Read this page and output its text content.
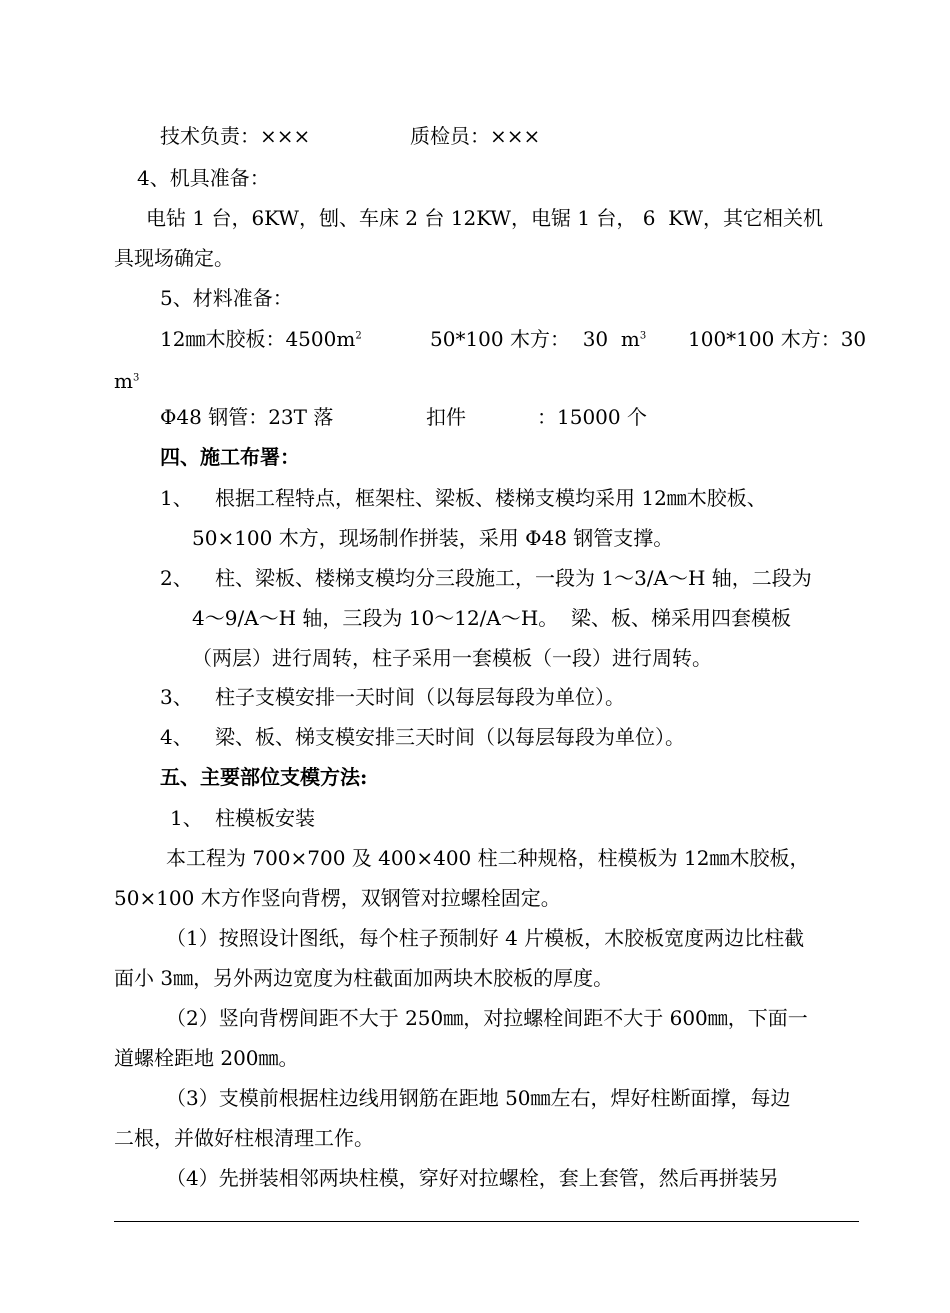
技术负责：×××	质检员：×××
4、机具准备：
电钻 1 台，6KW，刨、车床 2 台 12KW，电锯 1 台， 6  KW，其它相关机
具现场确定。
5、材料准备：
12㎜木胶板：$4500m^2$	50*100 木方：  30  $m^3$ 100*100 木方：30
$m^3$
Φ48 钢管：23T 落	扣件	：15000 个
四、施工布署：
1、 根据工程特点，框架柱、梁板、楼梯支模均采用 12㎜木胶板、
50×100 木方，现场制作拼装，采用 Φ48 钢管支撑。
2、 柱、梁板、楼梯支模均分三段施工，一段为 1～3/A～H 轴，二段为
4～9/A～H 轴，三段为 10～12/A～H。  梁、板、梯采用四套模板
（两层）进行周转，柱子采用一套模板（一段）进行周转。
3、 柱子支模安排一天时间（以每层每段为单位）。
4、 梁、板、梯支模安排三天时间（以每层每段为单位）。
五、主要部位支模方法:
1、 柱模板安装
本工程为 700×700 及 400×400 柱二种规格，柱模板为 12㎜木胶板，
50×100 木方作竖向背楞，双钢管对拉螺栓固定。
（1）按照设计图纸，每个柱子预制好 4 片模板，木胶板宽度两边比柱截
面小 3㎜，另外两边宽度为柱截面加两块木胶板的厚度。
（2）竖向背楞间距不大于 250㎜，对拉螺栓间距不大于 600㎜，下面一
道螺栓距地 200㎜。
（3）支模前根据柱边线用钢筋在距地 50㎜左右，焊好柱断面撑，每边
二根，并做好柱根清理工作。
（4）先拼装相邻两块柱模，穿好对拉螺栓，套上套管，然后再拼装另
